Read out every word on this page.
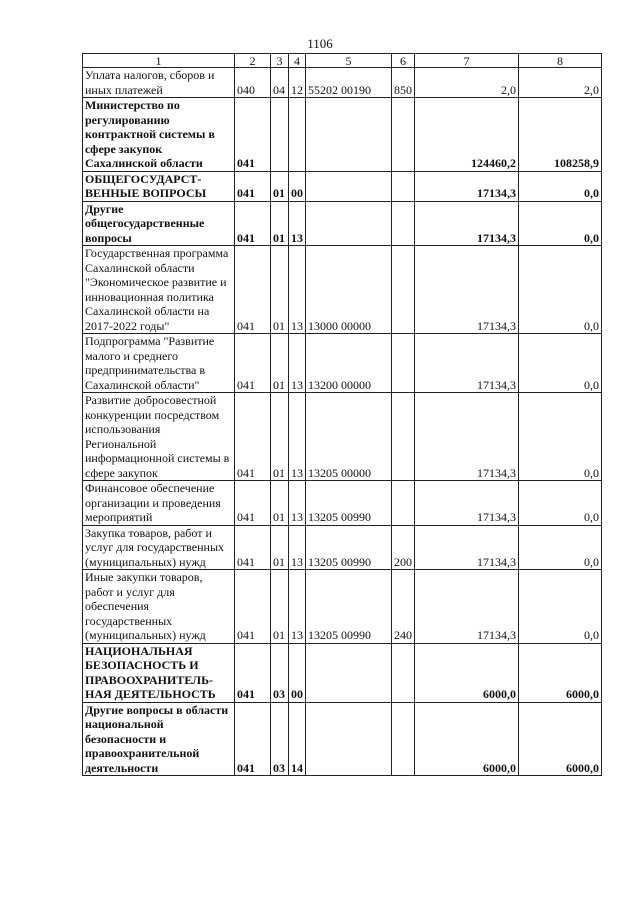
1106
1	2	3	4	5	6	7	8
Уплата налогов, сборов и иных платежей	040	04	12	55202 00190	850	2,0	2,0
Министерство по регулированию контрактной системы в сфере закупок Сахалинской области	041					124460,2	108258,9
ОБЩЕГОСУДАРСТ-ВЕННЫЕ ВОПРОСЫ	041	01	00			17134,3	0,0
Другие общегосударственные вопросы	041	01	13			17134,3	0,0
Государственная программа Сахалинской области "Экономическое развитие и инновационная политика Сахалинской области на 2017-2022 годы"	041	01	13	13000 00000		17134,3	0,0
Подпрограмма "Развитие малого и среднего предпринимательства в Сахалинской области"	041	01	13	13200 00000		17134,3	0,0
Развитие добросовестной конкуренции посредством использования Региональной информационной системы в сфере закупок	041	01	13	13205 00000		17134,3	0,0
Финансовое обеспечение организации и проведения мероприятий	041	01	13	13205 00990		17134,3	0,0
Закупка товаров, работ и услуг для государственных (муниципальных) нужд	041	01	13	13205 00990	200	17134,3	0,0
Иные закупки товаров, работ и услуг для обеспечения государственных (муниципальных) нужд	041	01	13	13205 00990	240	17134,3	0,0
НАЦИОНАЛЬНАЯ БЕЗОПАСНОСТЬ И ПРАВООХРАНИТЕЛЬ-НАЯ ДЕЯТЕЛЬНОСТЬ	041	03	00			6000,0	6000,0
Другие вопросы в области национальной безопасности и правоохранительной деятельности	041	03	14			6000,0	6000,0
